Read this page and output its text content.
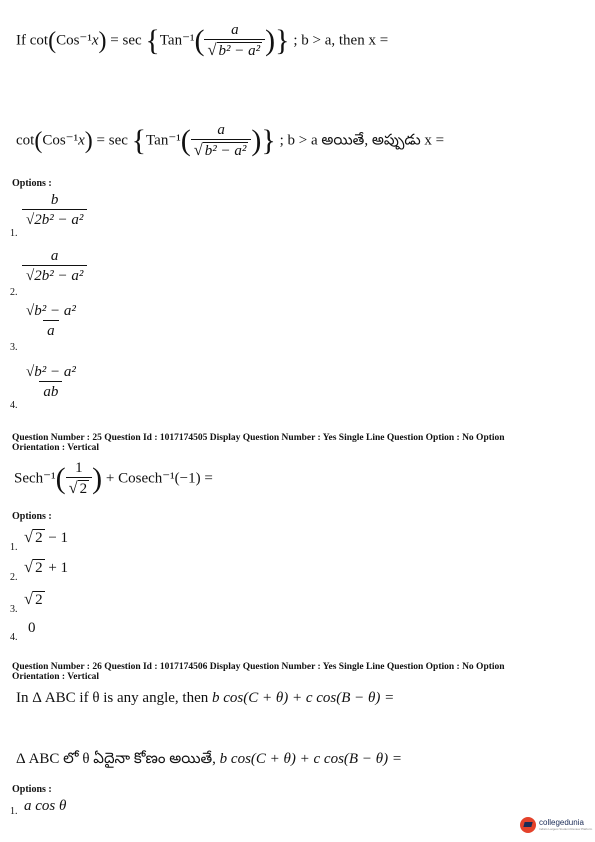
If $\cot(Cos^{-1}x) = \sec \{Tan^{-1}( \frac{a}{\text{√ b² − a²}}$ )} ; b > a, then x =
$\cot(Cos^{-1}x) = \sec \{Tan^{-1}( \frac{a}{\text{√ b² − a²}}$ )} ; b > a అయితే, అప్పుడు x =
Options :
1.
b
√2b² − a²
2.
a
√2b² − a²
3.
√b² − a²
a
4.
√b² − a²
ab
Question Number : 25 Question Id : 1017174505 Display Question Number : Yes Single Line Question Option : No Option
Orientation : Vertical
Sech⁻¹( $\frac{1}{√ 2}$ ) + Cosech⁻¹(−1) =
Options :
1.
√ 2 − 1
2.
√ 2 + 1
3.
√ 2
4.
0
Question Number : 26 Question Id : 1017174506 Display Question Number : Yes Single Line Question Option : No Option
Orientation : Vertical
In Δ ABC if θ is any angle, then b cos(C + θ) + c cos(B − θ) =
Δ ABC లో θ ఏదైనా కోణం అయితే, b cos(C + θ) + c cos(B − θ) =
Options :
1. a cos θ
collegedunia
India's Largest Student Review Platform
